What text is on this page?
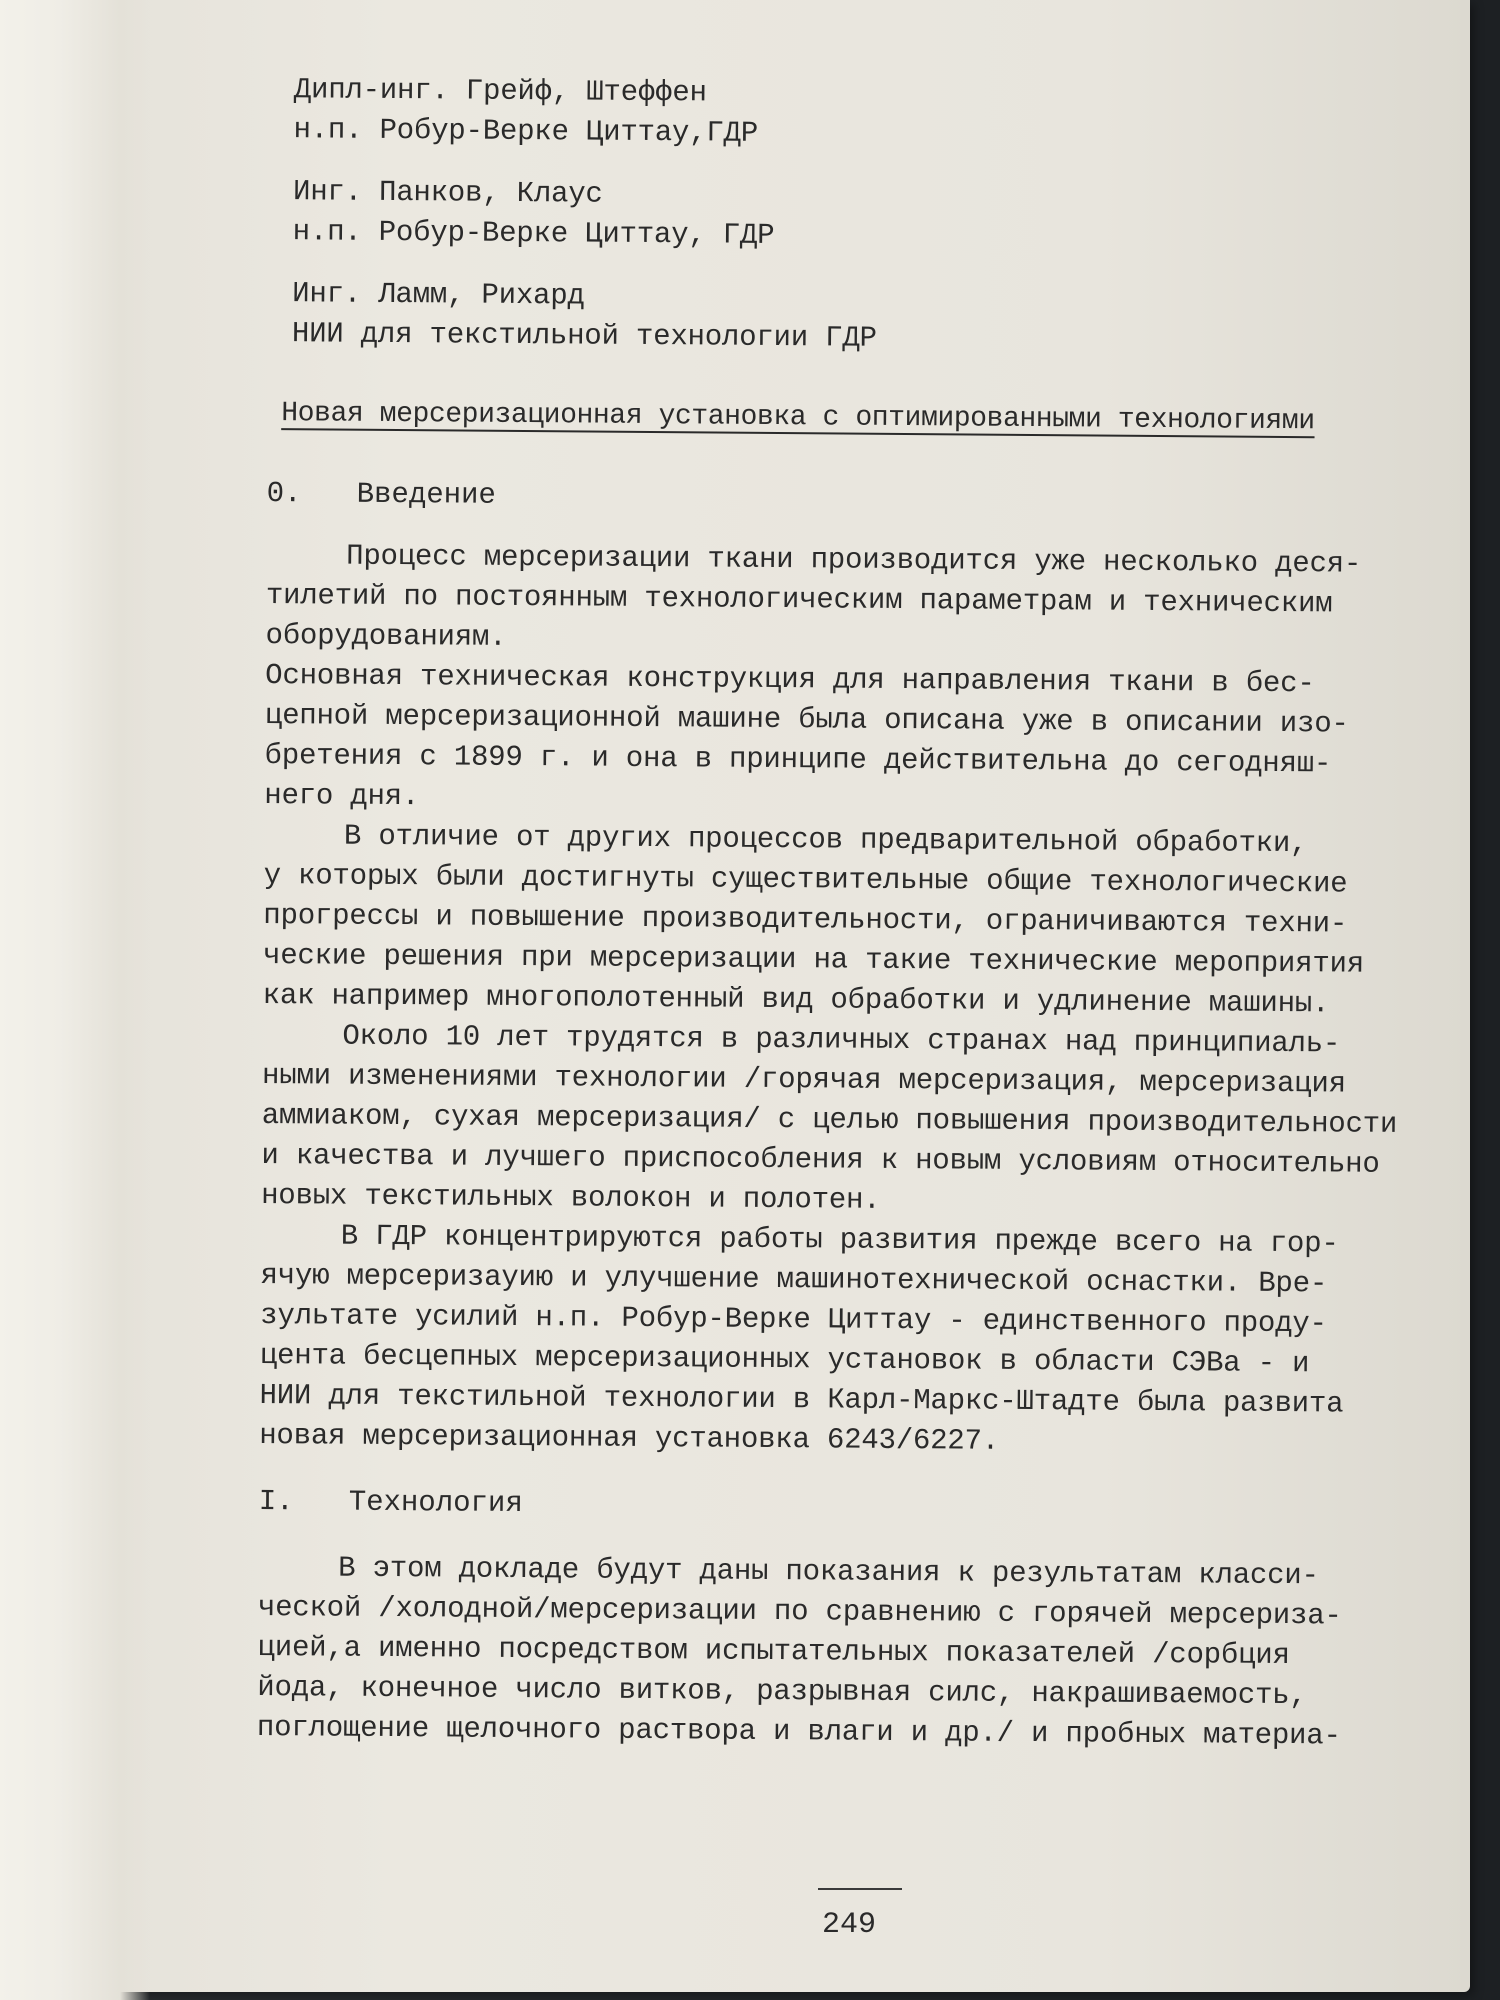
Дипл-инг. Грейф, Штеффен
н.п. Робур-Верке Циттау,ГДР
Инг. Панков, Клаус
н.п. Робур-Верке Циттау, ГДР
Инг. Ламм, Рихард
НИИ для текстильной технологии ГДР
Новая мерсеризационная установка с оптимированными технологиями
0. Введение
Процесс мерсеризации ткани производится уже несколько деся-
тилетий по постоянным технологическим параметрам и техническим
оборудованиям.
Основная техническая конструкция для направления ткани в бес-
цепной мерсеризационной машине была описана уже в описании изо-
бретения с 1899 г. и она в принципе действительна до сегодняш-
него дня.
В отличие от других процессов предварительной обработки,
у которых были достигнуты существительные общие технологические
прогрессы и повышение производительности, ограничиваются техни-
ческие решения при мерсеризации на такие технические мероприятия
как например многополотенный вид обработки и удлинение машины.
Около 10 лет трудятся в различных странах над принципиаль-
ными изменениями технологии /горячая мерсеризация, мерсеризация
аммиаком, сухая мерсеризация/ с целью повышения производительности
и качества и лучшего приспособления к новым условиям относительно
новых текстильных волокон и полотен.
В ГДР концентрируются работы развития прежде всего на гор-
ячую мерсеризауию и улучшение машинотехнической оснастки. Вре-
зультате усилий н.п. Робур-Верке Циттау - единственного проду-
цента бесцепных мерсеризационных установок в области СЭВа - и
НИИ для текстильной технологии в Карл-Маркс-Штадте была развита
новая мерсеризационная установка 6243/6227.
I. Технология
В этом докладе будут даны показания к результатам класси-
ческой /холодной/мерсеризации по сравнению с горячей мерсериза-
цией,а именно посредством испытательных показателей /сорбция
йода, конечное число витков, разрывная силс, накрашиваемость,
поглощение щелочного раствора и влаги и др./ и пробных материа-
249
